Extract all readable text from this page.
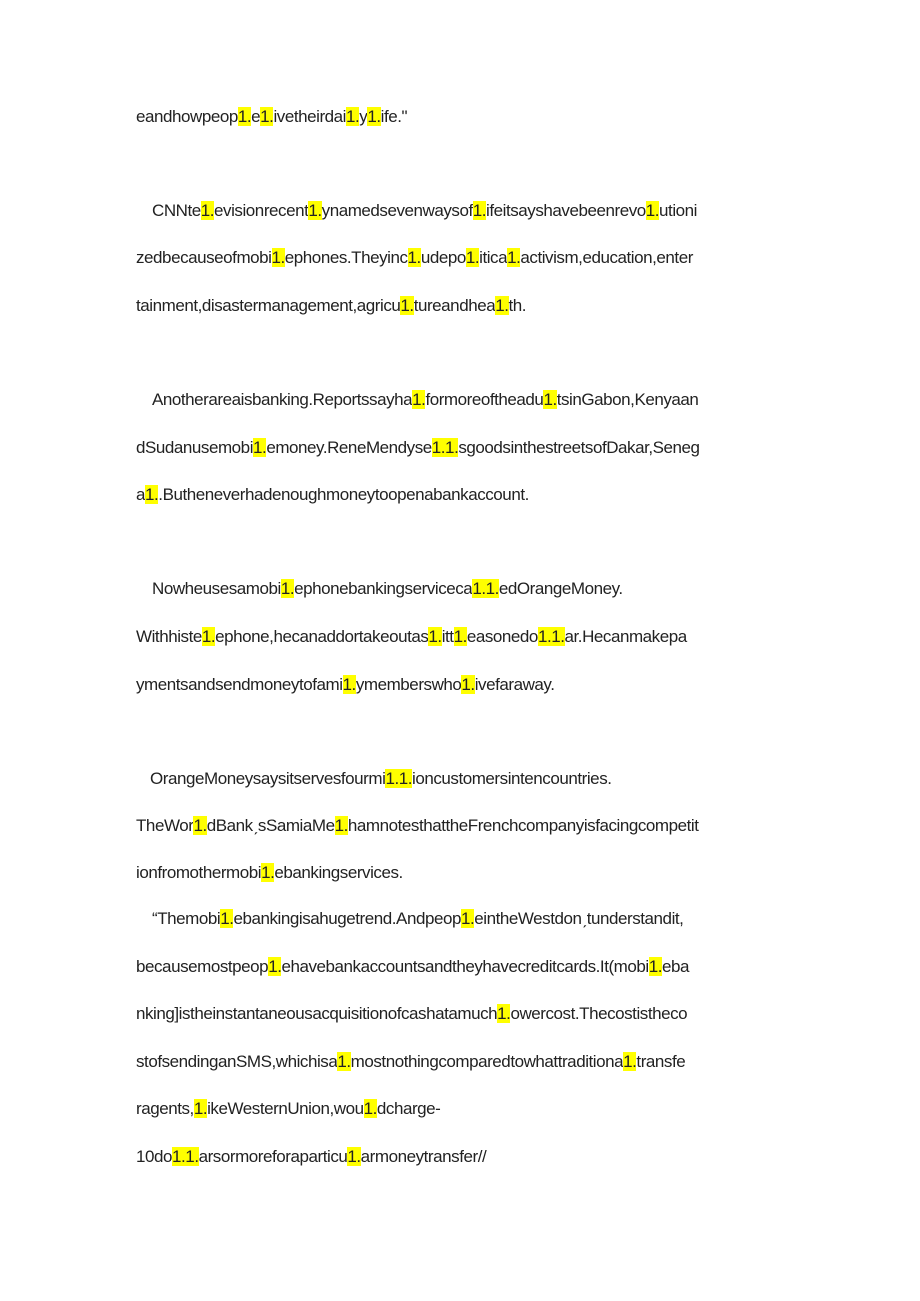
eandhowpeop1.e1.ivetheirdai1.y1.ife."
CNNte1.evisionrecent1.ynamedsevenwaysof1.ifeitsayshavebeenrevo1.utioni
zedbecauseofmobi1.ephones.Theyinc1.udepo1.itica1.activism,education,enter
tainment,disastermanagement,agricu1.tureandhea1.th.
Anotherareaisbanking.Reportssayha1.formoreoftheadu1.tsinGabon,Kenyaan
dSudanusemobi1.emoney.ReneMendyse1.1.sgoodsinthestreetsofDakar,Seneg
a1..Butheneverhadenoughmoneytoopenabankaccount.
Nowheusesamobi1.ephonebankingserviceca1.1.edOrangeMoney.
Withhiste1.ephone,hecanaddortakeoutas1.itt1.easonedo1.1.ar.Hecanmakepa
ymentsandsendmoneytofami1.ymemberswho1.ivefaraway.
OrangeMoneysaysitservesfourmi1.1.ioncustomersintencountries.
TheWor1.dBankˏsSamiaMe1.hamnotesthattheFrenchcompanyisfacingcompetit
ionfromothermobi1.ebankingservices.
“Themobi1.ebankingisahugetrend.Andpeop1.eintheWestdonˏtunderstandit,
becausemostpeop1.ehavebankaccountsandtheyhavecreditcards.It(mobi1.eba
nking]istheinstantaneousacquisitionofcashatamuch1.owercost.Thecostistheco
stofsendinganSMS,whichisa1.mostnothingcomparedtowhattraditiona1.transfe
ragents,1.ikeWesternUnion,wou1.dcharge-
10do1.1.arsormoreforapartic​u1.armoneytransfer//
